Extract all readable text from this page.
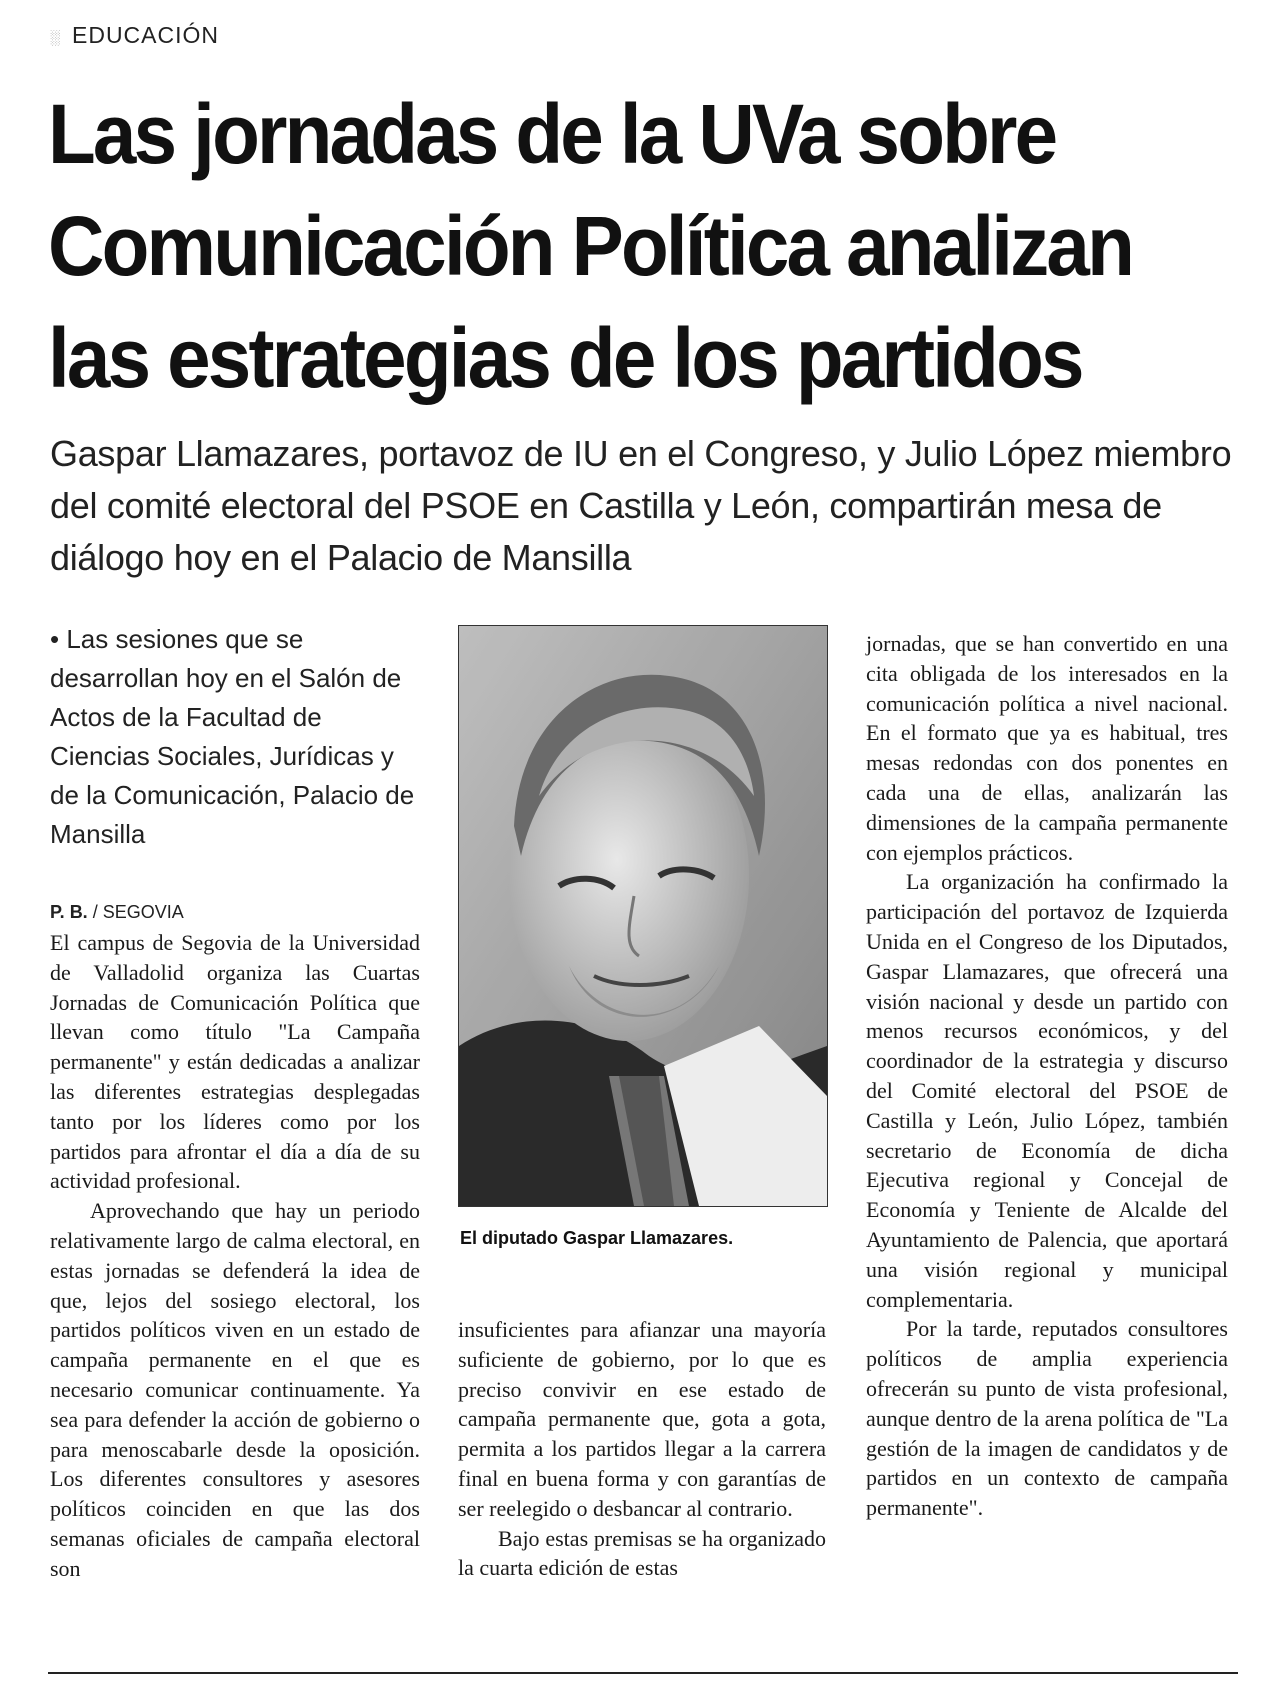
░ EDUCACIÓN
Las jornadas de la UVa sobre Comunicación Política analizan las estrategias de los partidos

Gaspar Llamazares, portavoz de IU en el Congreso, y Julio López miembro del comité electoral del PSOE en Castilla y León, compartirán mesa de diálogo hoy en el Palacio de Mansilla

• Las sesiones que se desarrollan hoy en el Salón de Actos de la Facultad de Ciencias Sociales, Jurídicas y de la Comunicación, Palacio de Mansilla

P. B. / SEGOVIA

El campus de Segovia de la Universidad de Valladolid organiza las Cuartas Jornadas de Comunicación Política que llevan como título "La Campaña permanente" y están dedicadas a analizar las diferentes estrategias desplegadas tanto por los líderes como por los partidos para afrontar el día a día de su actividad profesional.

Aprovechando que hay un periodo relativamente largo de calma electoral, en estas jornadas se defenderá la idea de que, lejos del sosiego electoral, los partidos políticos viven en un estado de campaña permanente en el que es necesario comunicar continuamente. Ya sea para defender la acción de gobierno o para menoscabarle desde la oposición. Los diferentes consultores y asesores políticos coinciden en que las dos semanas oficiales de campaña electoral son

El diputado Gaspar Llamazares.

insuficientes para afianzar una mayoría suficiente de gobierno, por lo que es preciso convivir en ese estado de campaña permanente que, gota a gota, permita a los partidos llegar a la carrera final en buena forma y con garantías de ser reelegido o desbancar al contrario.

Bajo estas premisas se ha organizado la cuarta edición de estas

jornadas, que se han convertido en una cita obligada de los interesados en la comunicación política a nivel nacional. En el formato que ya es habitual, tres mesas redondas con dos ponentes en cada una de ellas, analizarán las dimensiones de la campaña permanente con ejemplos prácticos.

La organización ha confirmado la participación del portavoz de Izquierda Unida en el Congreso de los Diputados, Gaspar Llamazares, que ofrecerá una visión nacional y desde un partido con menos recursos económicos, y del coordinador de la estrategia y discurso del Comité electoral del PSOE de Castilla y León, Julio López, también secretario de Economía de dicha Ejecutiva regional y Concejal de Economía y Teniente de Alcalde del Ayuntamiento de Palencia, que aportará una visión regional y municipal complementaria.

Por la tarde, reputados consultores políticos de amplia experiencia ofrecerán su punto de vista profesional, aunque dentro de la arena política de "La gestión de la imagen de candidatos y de partidos en un contexto de campaña permanente".
